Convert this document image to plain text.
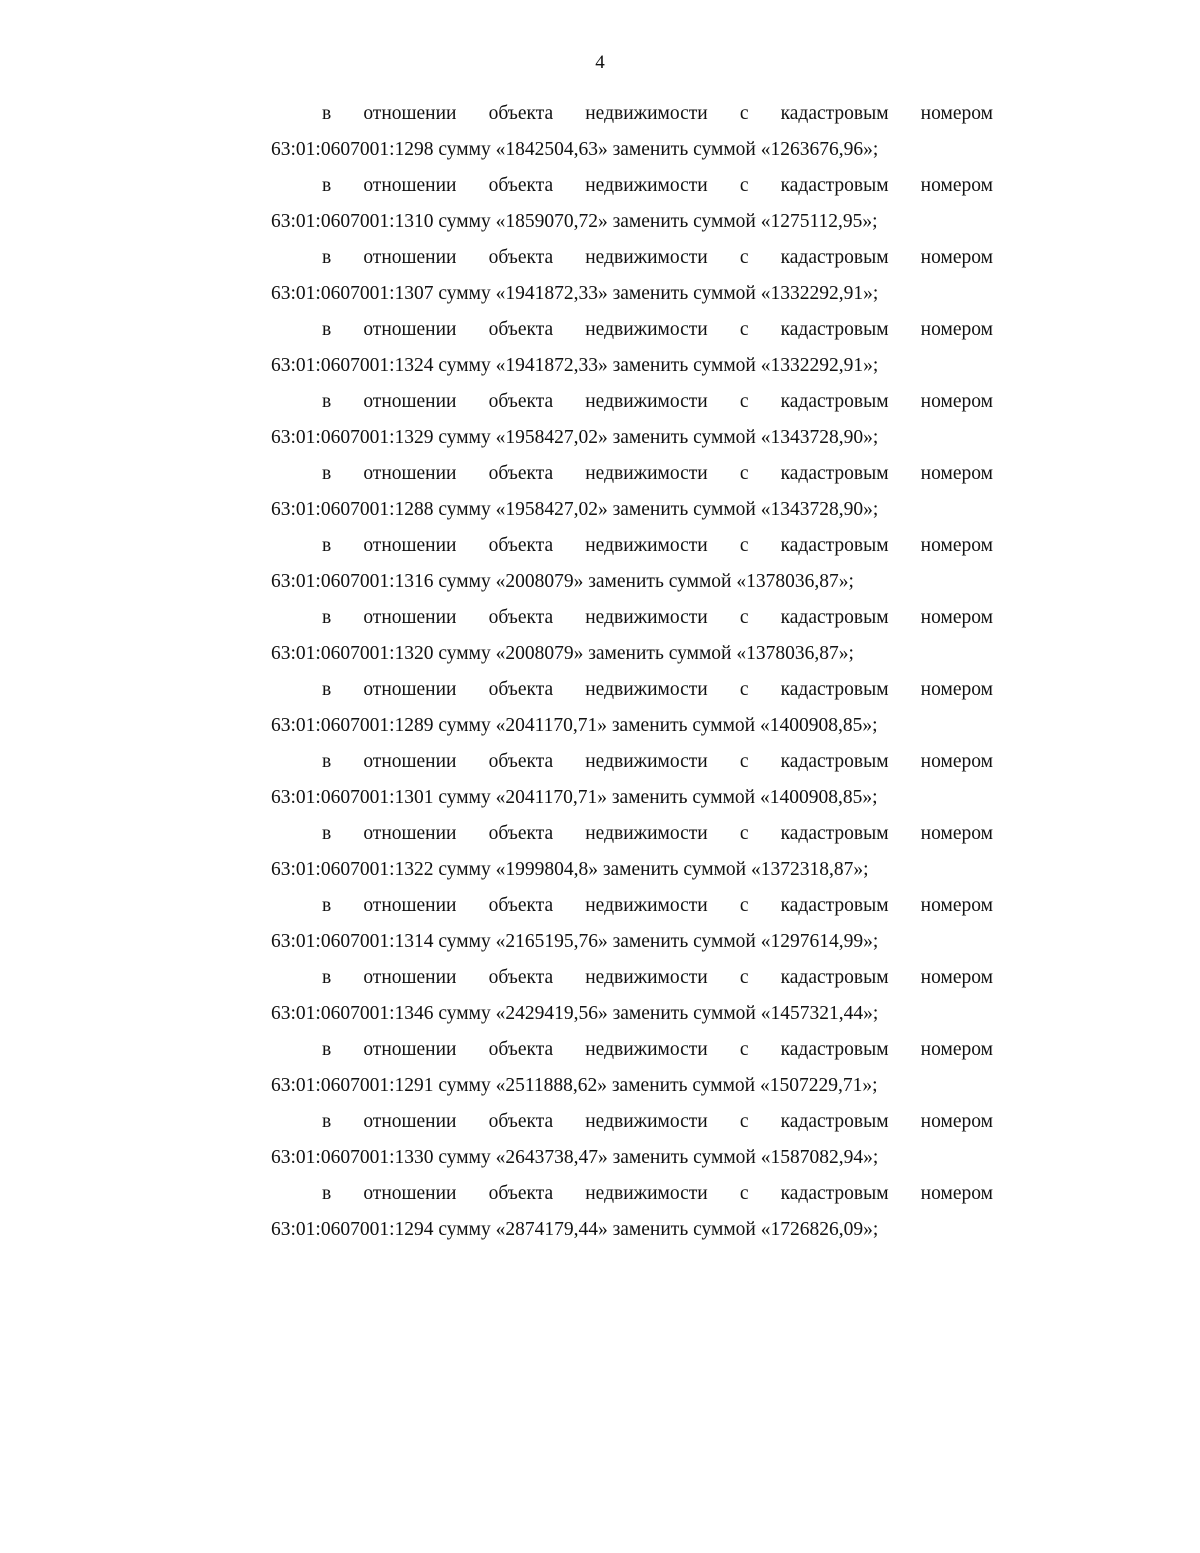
4
в отношении объекта недвижимости с кадастровым номером
63:01:0607001:1298 сумму «1842504,63» заменить суммой «1263676,96»;
в отношении объекта недвижимости с кадастровым номером
63:01:0607001:1310 сумму «1859070,72» заменить суммой «1275112,95»;
в отношении объекта недвижимости с кадастровым номером
63:01:0607001:1307 сумму «1941872,33» заменить суммой «1332292,91»;
в отношении объекта недвижимости с кадастровым номером
63:01:0607001:1324 сумму «1941872,33» заменить суммой «1332292,91»;
в отношении объекта недвижимости с кадастровым номером
63:01:0607001:1329 сумму «1958427,02» заменить суммой «1343728,90»;
в отношении объекта недвижимости с кадастровым номером
63:01:0607001:1288 сумму «1958427,02» заменить суммой «1343728,90»;
в отношении объекта недвижимости с кадастровым номером
63:01:0607001:1316 сумму «2008079» заменить суммой «1378036,87»;
в отношении объекта недвижимости с кадастровым номером
63:01:0607001:1320 сумму «2008079» заменить суммой «1378036,87»;
в отношении объекта недвижимости с кадастровым номером
63:01:0607001:1289 сумму «2041170,71» заменить суммой «1400908,85»;
в отношении объекта недвижимости с кадастровым номером
63:01:0607001:1301 сумму «2041170,71» заменить суммой «1400908,85»;
в отношении объекта недвижимости с кадастровым номером
63:01:0607001:1322 сумму «1999804,8» заменить суммой «1372318,87»;
в отношении объекта недвижимости с кадастровым номером
63:01:0607001:1314 сумму «2165195,76» заменить суммой «1297614,99»;
в отношении объекта недвижимости с кадастровым номером
63:01:0607001:1346 сумму «2429419,56» заменить суммой «1457321,44»;
в отношении объекта недвижимости с кадастровым номером
63:01:0607001:1291 сумму «2511888,62» заменить суммой «1507229,71»;
в отношении объекта недвижимости с кадастровым номером
63:01:0607001:1330 сумму «2643738,47» заменить суммой «1587082,94»;
в отношении объекта недвижимости с кадастровым номером
63:01:0607001:1294 сумму «2874179,44» заменить суммой «1726826,09»;
